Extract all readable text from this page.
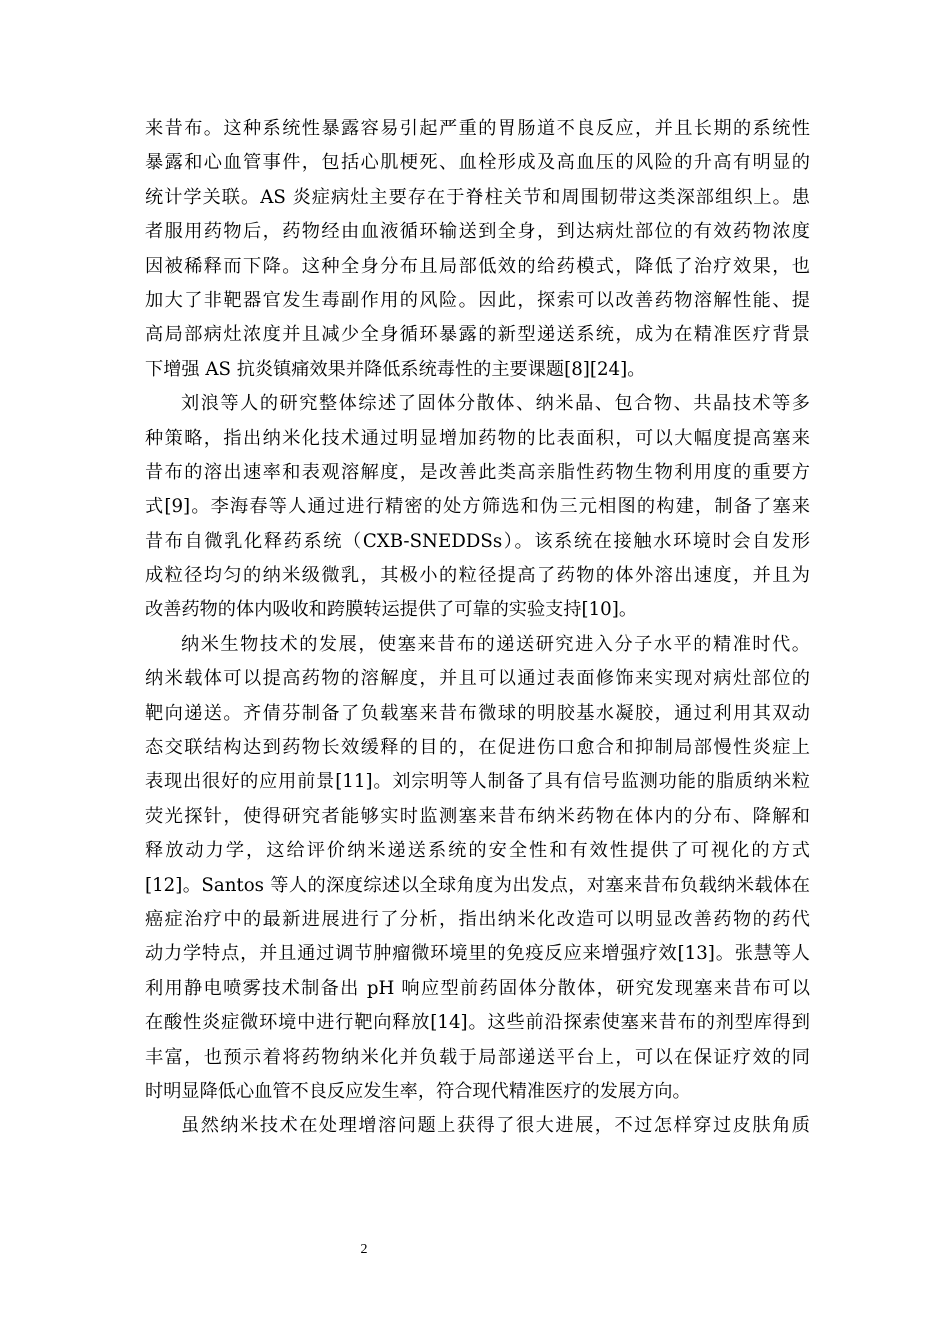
来昔布。这种系统性暴露容易引起严重的胃肠道不良反应，并且长期的系统性
暴露和心血管事件，包括心肌梗死、血栓形成及高血压的风险的升高有明显的
统计学关联。AS 炎症病灶主要存在于脊柱关节和周围韧带这类深部组织上。患
者服用药物后，药物经由血液循环输送到全身，到达病灶部位的有效药物浓度
因被稀释而下降。这种全身分布且局部低效的给药模式，降低了治疗效果，也
加大了非靶器官发生毒副作用的风险。因此，探索可以改善药物溶解性能、提
高局部病灶浓度并且减少全身循环暴露的新型递送系统，成为在精准医疗背景
下增强 AS 抗炎镇痛效果并降低系统毒性的主要课题[8][24]。
刘浪等人的研究整体综述了固体分散体、纳米晶、包合物、共晶技术等多
种策略，指出纳米化技术通过明显增加药物的比表面积，可以大幅度提高塞来
昔布的溶出速率和表观溶解度，是改善此类高亲脂性药物生物利用度的重要方
式[9]。李海春等人通过进行精密的处方筛选和伪三元相图的构建，制备了塞来
昔布自微乳化释药系统（CXB-SNEDDSs）。该系统在接触水环境时会自发形
成粒径均匀的纳米级微乳，其极小的粒径提高了药物的体外溶出速度，并且为
改善药物的体内吸收和跨膜转运提供了可靠的实验支持[10]。
纳米生物技术的发展，使塞来昔布的递送研究进入分子水平的精准时代。
纳米载体可以提高药物的溶解度，并且可以通过表面修饰来实现对病灶部位的
靶向递送。齐倩芬制备了负载塞来昔布微球的明胶基水凝胶，通过利用其双动
态交联结构达到药物长效缓释的目的，在促进伤口愈合和抑制局部慢性炎症上
表现出很好的应用前景[11]。刘宗明等人制备了具有信号监测功能的脂质纳米粒
荧光探针，使得研究者能够实时监测塞来昔布纳米药物在体内的分布、降解和
释放动力学，这给评价纳米递送系统的安全性和有效性提供了可视化的方式
[12]。Santos 等人的深度综述以全球角度为出发点，对塞来昔布负载纳米载体在
癌症治疗中的最新进展进行了分析，指出纳米化改造可以明显改善药物的药代
动力学特点，并且通过调节肿瘤微环境里的免疫反应来增强疗效[13]。张慧等人
利用静电喷雾技术制备出 pH 响应型前药固体分散体，研究发现塞来昔布可以
在酸性炎症微环境中进行靶向释放[14]。这些前沿探索使塞来昔布的剂型库得到
丰富，也预示着将药物纳米化并负载于局部递送平台上，可以在保证疗效的同
时明显降低心血管不良反应发生率，符合现代精准医疗的发展方向。
虽然纳米技术在处理增溶问题上获得了很大进展，不过怎样穿过皮肤角质
2
